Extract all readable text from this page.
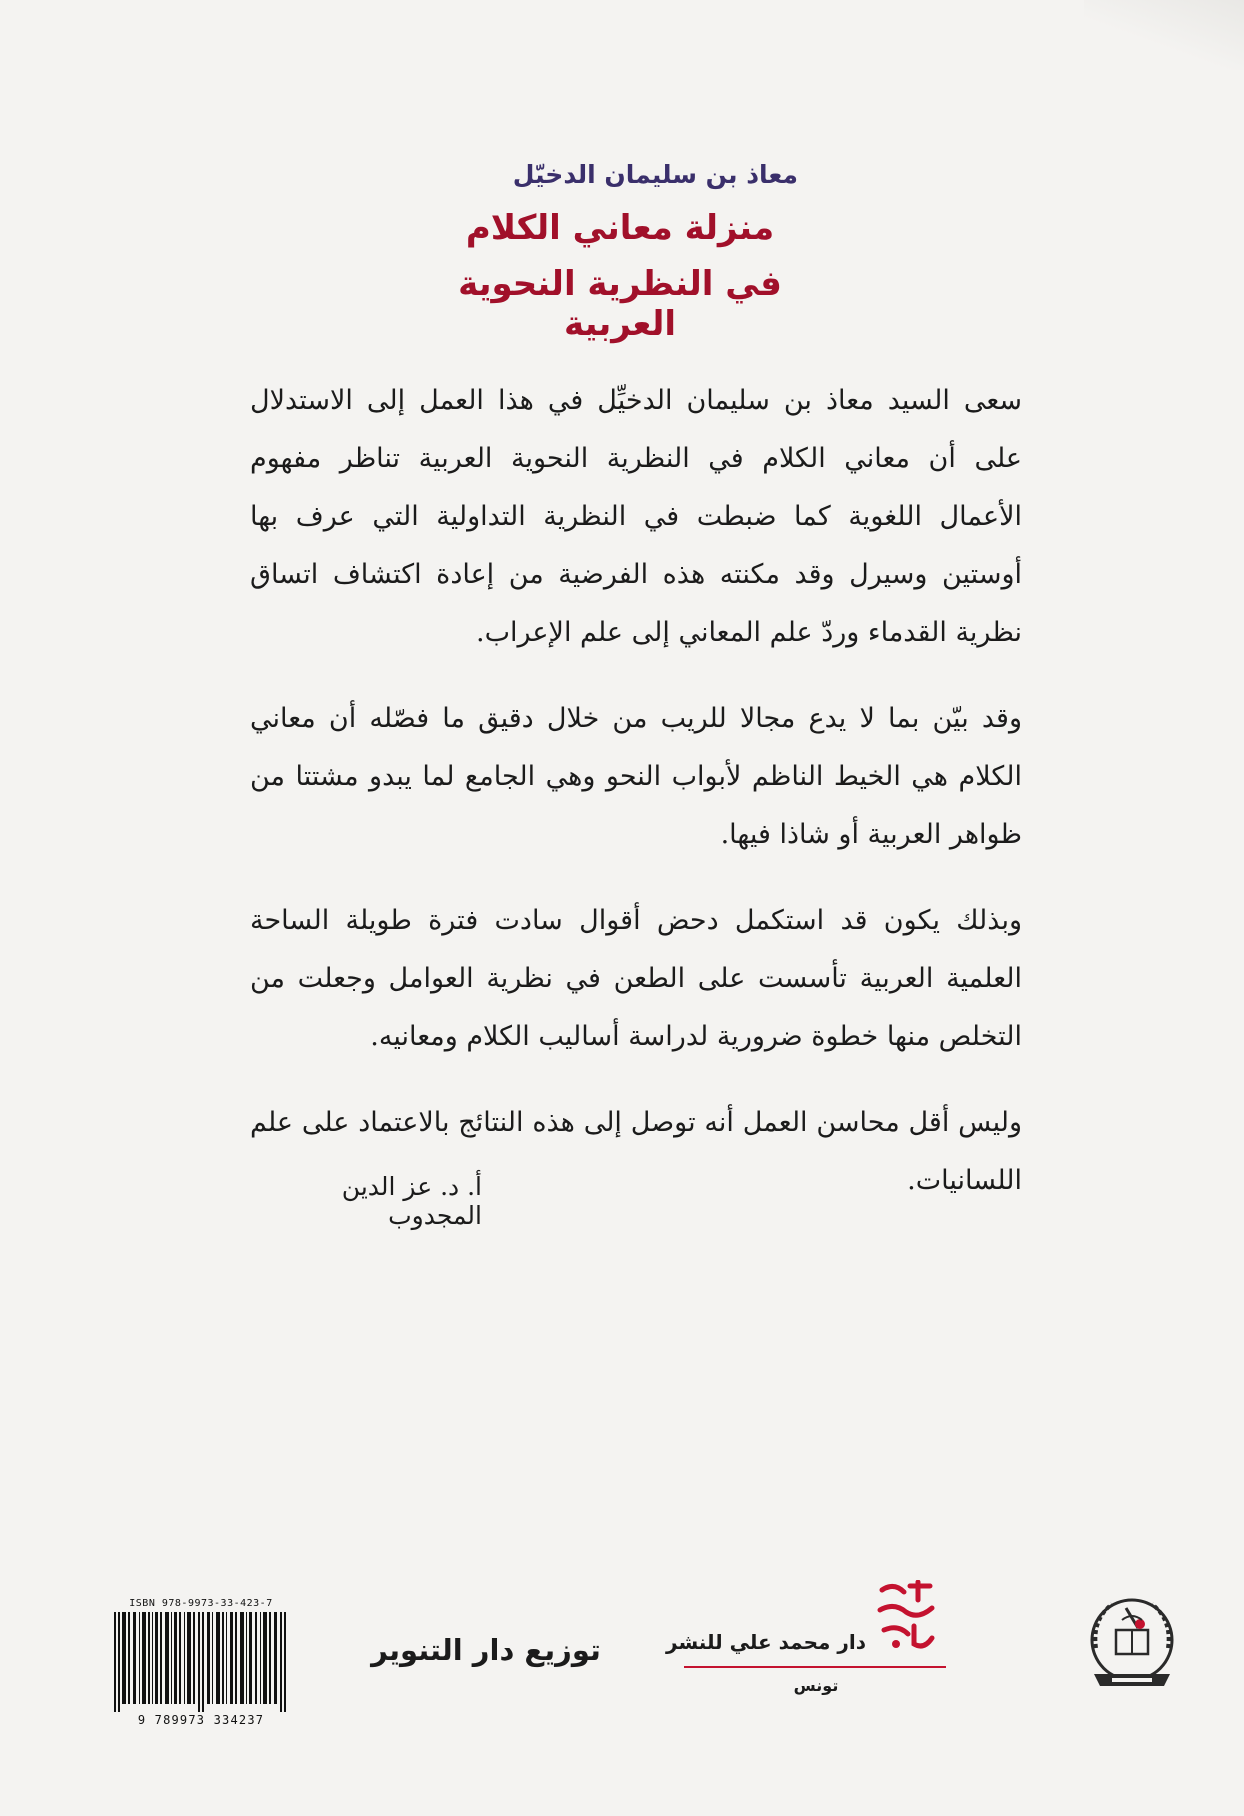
معاذ بن سليمان الدخيّل
منزلة معاني الكلام
في النظرية النحوية العربية

سعى السيد معاذ بن سليمان الدخيِّل في هذا العمل إلى الاستدلال على أن معاني الكلام في النظرية النحوية العربية تناظر مفهوم الأعمال اللغوية كما ضبطت في النظرية التداولية التي عرف بها أوستين وسيرل وقد مكنته هذه الفرضية من إعادة اكتشاف اتساق نظرية القدماء وردّ علم المعاني إلى علم الإعراب.

وقد بيّن بما لا يدع مجالا للريب من خلال دقيق ما فصّله أن معاني الكلام هي الخيط الناظم لأبواب النحو وهي الجامع لما يبدو مشتتا من ظواهر العربية أو شاذا فيها.

وبذلك يكون قد استكمل دحض أقوال سادت فترة طويلة الساحة العلمية العربية تأسست على الطعن في نظرية العوامل وجعلت من التخلص منها خطوة ضرورية لدراسة أساليب الكلام ومعانيه.

وليس أقل محاسن العمل أنه توصل إلى هذه النتائج بالاعتماد على علم اللسانيات.

أ. د. عز الدين المجدوب
دار محمد علي للنشر
تونس
توزيع دار التنوير
ISBN 978-9973-33-423-7
9 789973 334237
